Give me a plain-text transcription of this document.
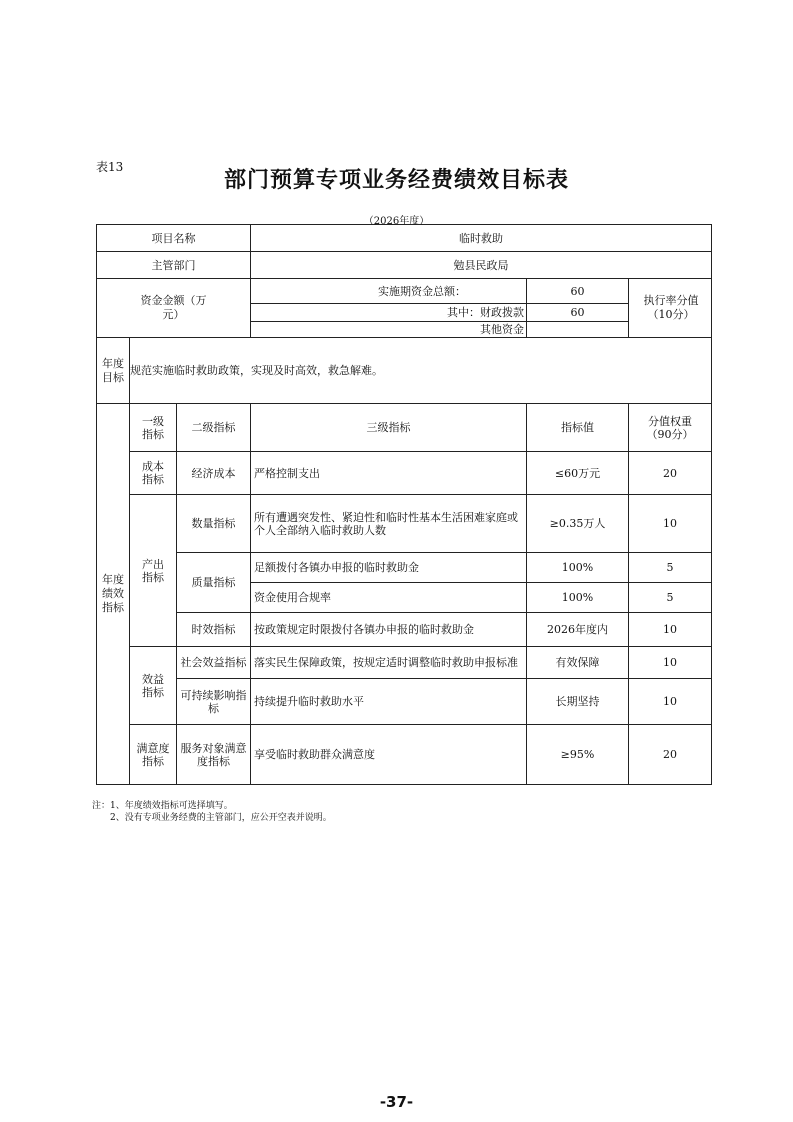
表13
部门预算专项业务经费绩效目标表
（2026年度）
项目名称			临时救助		
主管部门			勉县民政局		
资金金额（万元）			实施期资金总额：	60	执行率分值（10分）
			其中：财政拨款	60	
			其他资金		
年度目标	规范实施临时救助政策，实现及时高效，救急解难。				
年度绩效指标	一级指标	二级指标	三级指标	指标值	分值权重（90分）
	成本指标	经济成本	严格控制支出	≤60万元	20
	产出指标	数量指标	所有遭遇突发性、紧迫性和临时性基本生活困难家庭或个人全部纳入临时救助人数	≥0.35万人	10
		质量指标	足额拨付各镇办申报的临时救助金	100%	5
			资金使用合规率	100%	5
		时效指标	按政策规定时限拨付各镇办申报的临时救助金	2026年度内	10
	效益指标	社会效益指标	落实民生保障政策，按规定适时调整临时救助申报标准	有效保障	10
		可持续影响指标	持续提升临时救助水平	长期坚持	10
	满意度指标	服务对象满意度指标	享受临时救助群众满意度	≥95%	20
注：1、年度绩效指标可选择填写。
2、没有专项业务经费的主管部门，应公开空表并说明。
-37-
